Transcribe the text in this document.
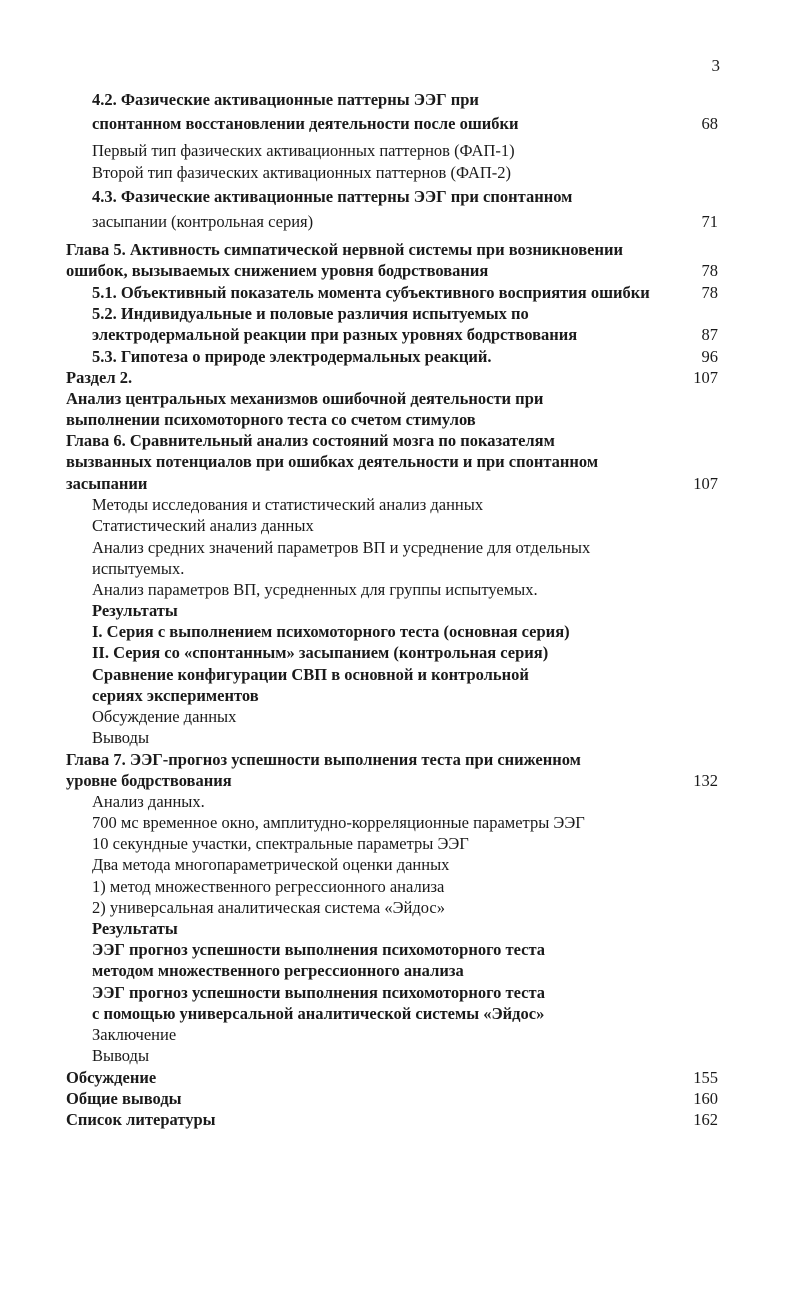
3
4.2. Фазические активационные паттерны ЭЭГ при
спонтанном восстановлении деятельности после ошибки	68
Первый тип фазических активационных паттернов (ФАП-1)
Второй тип фазических активационных паттернов (ФАП-2)
4.3. Фазические активационные паттерны ЭЭГ при спонтанном
засыпании (контрольная серия)	71
Глава 5. Активность симпатической нервной системы при возникновении
ошибок, вызываемых снижением уровня бодрствования	78
5.1. Объективный показатель момента субъективного восприятия ошибки	78
5.2. Индивидуальные и половые различия испытуемых по
электродермальной реакции при разных уровнях бодрствования	87
5.3. Гипотеза о природе электродермальных реакций.	96
Раздел 2.	107
Анализ центральных механизмов ошибочной деятельности при
выполнении психомоторного теста со счетом стимулов
Глава 6. Сравнительный анализ состояний мозга по показателям
вызванных потенциалов при ошибках деятельности и при спонтанном
засыпании	107
Методы исследования и статистический анализ данных
Статистический анализ данных
Анализ средних значений параметров ВП и усреднение для отдельных
испытуемых.
Анализ параметров ВП, усредненных для группы испытуемых.
Результаты
I. Серия с выполнением психомоторного теста (основная серия)
II. Серия со «спонтанным» засыпанием (контрольная серия)
Сравнение конфигурации СВП в основной и контрольной
сериях экспериментов
Обсуждение данных
Выводы
Глава 7. ЭЭГ-прогноз успешности выполнения теста при сниженном
уровне бодрствования	132
Анализ данных.
700 мс временное окно, амплитудно-корреляционные параметры ЭЭГ
10 секундные участки, спектральные параметры ЭЭГ
Два метода многопараметрической оценки данных
1) метод множественного регрессионного анализа
2) универсальная аналитическая система «Эйдос»
Результаты
ЭЭГ прогноз успешности выполнения психомоторного теста
методом множественного регрессионного анализа
ЭЭГ прогноз успешности выполнения психомоторного теста
с помощью универсальной аналитической системы «Эйдос»
Заключение
Выводы
Обсуждение	155
Общие выводы	160
Список литературы	162
